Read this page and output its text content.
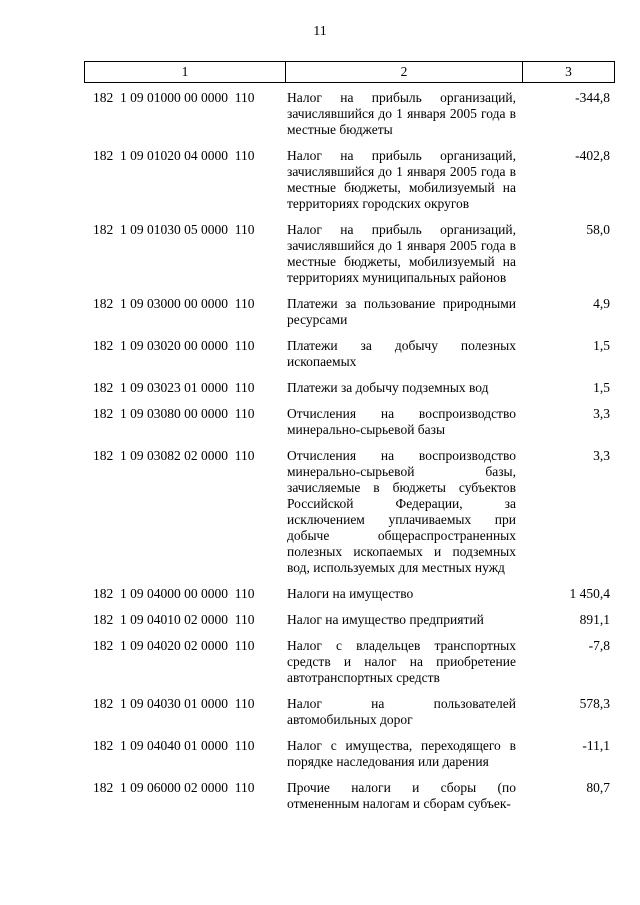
11
1	2	3
182  1 09 01000 00 0000  110	Налог на прибыль организаций, зачислявшийся до 1 января 2005 года в местные бюджеты
-344,8
182  1 09 01020 04 0000  110	Налог на прибыль организаций, зачислявшийся до 1 января 2005 года в местные бюджеты, мобилизуемый на территориях городских округов
-402,8
182  1 09 01030 05 0000  110	Налог на прибыль организаций, зачислявшийся до 1 января 2005 года в местные бюджеты, мобилизуемый на территориях муниципальных районов
58,0
182  1 09 03000 00 0000  110	Платежи за пользование природными ресурсами
4,9
182  1 09 03020 00 0000  110	Платежи за добычу полезных ископаемых
1,5
182  1 09 03023 01 0000  110	Платежи за добычу подземных вод	1,5
182  1 09 03080 00 0000  110	Отчисления на воспроизводство минерально-сырьевой базы
3,3
182  1 09 03082 02 0000  110	Отчисления на воспроизводство минерально-сырьевой базы, зачисляемые в бюджеты субъектов Российской Федерации, за исключением уплачиваемых при добыче общераспространенных полезных ископаемых и подземных вод, используемых для местных нужд
3,3
182  1 09 04000 00 0000  110	Налоги на имущество	1 450,4
182  1 09 04010 02 0000  110	Налог на имущество предприятий	891,1
182  1 09 04020 02 0000  110	Налог с владельцев транспортных средств и налог на приобретение автотранспортных средств
-7,8
182  1 09 04030 01 0000  110	Налог на пользователей автомобильных дорог
578,3
182  1 09 04040 01 0000  110	Налог с имущества, переходящего в порядке наследования или дарения
-11,1
182  1 09 06000 02 0000  110	Прочие налоги и сборы (по отмененным налогам и сборам субъек-
80,7
